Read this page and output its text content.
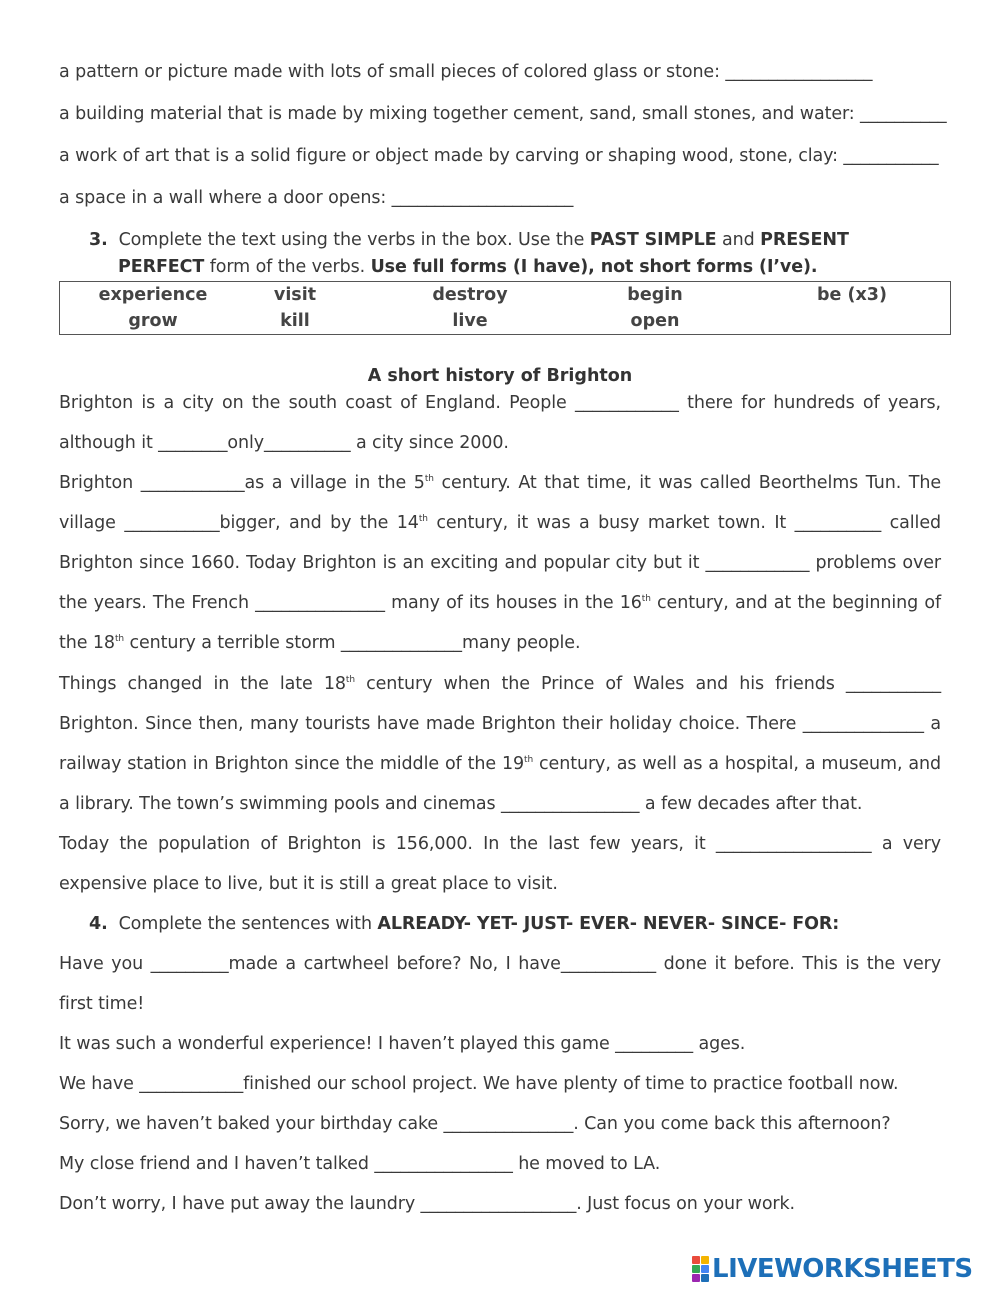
a pattern or picture made with lots of small pieces of colored glass or stone: _________________
a building material that is made by mixing together cement, sand, small stones, and water: __________
a work of art that is a solid figure or object made by carving or shaping wood, stone, clay: ___________
a space in a wall where a door opens: _____________________
3. Complete the text using the verbs in the box. Use the PAST SIMPLE and PRESENT
PERFECT form of the verbs. Use full forms (I have), not short forms (I’ve).
experience	visit	destroy	begin	be (x3)
grow	kill	live	open
A short history of Brighton
Brighton is a city on the south coast of England. People ____________ there for hundreds of years,
although it ________only__________ a city since 2000.
Brighton ____________as a village in the 5th century. At that time, it was called Beorthelms Tun. The
village ___________bigger, and by the 14th century, it was a busy market town. It __________ called
Brighton since 1660. Today Brighton is an exciting and popular city but it ____________ problems over
the years. The French _______________ many of its houses in the 16th century, and at the beginning of
the 18th century a terrible storm ______________many people.
Things changed in the late 18th century when the Prince of Wales and his friends ___________
Brighton. Since then, many tourists have made Brighton their holiday choice. There ______________ a
railway station in Brighton since the middle of the 19th century, as well as a hospital, a museum, and
a library. The town’s swimming pools and cinemas ________________ a few decades after that.
Today the population of Brighton is 156,000. In the last few years, it __________________ a very
expensive place to live, but it is still a great place to visit.
4. Complete the sentences with ALREADY- YET- JUST- EVER- NEVER- SINCE- FOR:
Have you _________made a cartwheel before? No, I have___________ done it before. This is the very
first time!
It was such a wonderful experience! I haven’t played this game _________ ages.
We have ____________finished our school project. We have plenty of time to practice football now.
Sorry, we haven’t baked your birthday cake _______________. Can you come back this afternoon?
My close friend and I haven’t talked ________________ he moved to LA.
Don’t worry, I have put away the laundry __________________. Just focus on your work.
LIVEWORKSHEETS
